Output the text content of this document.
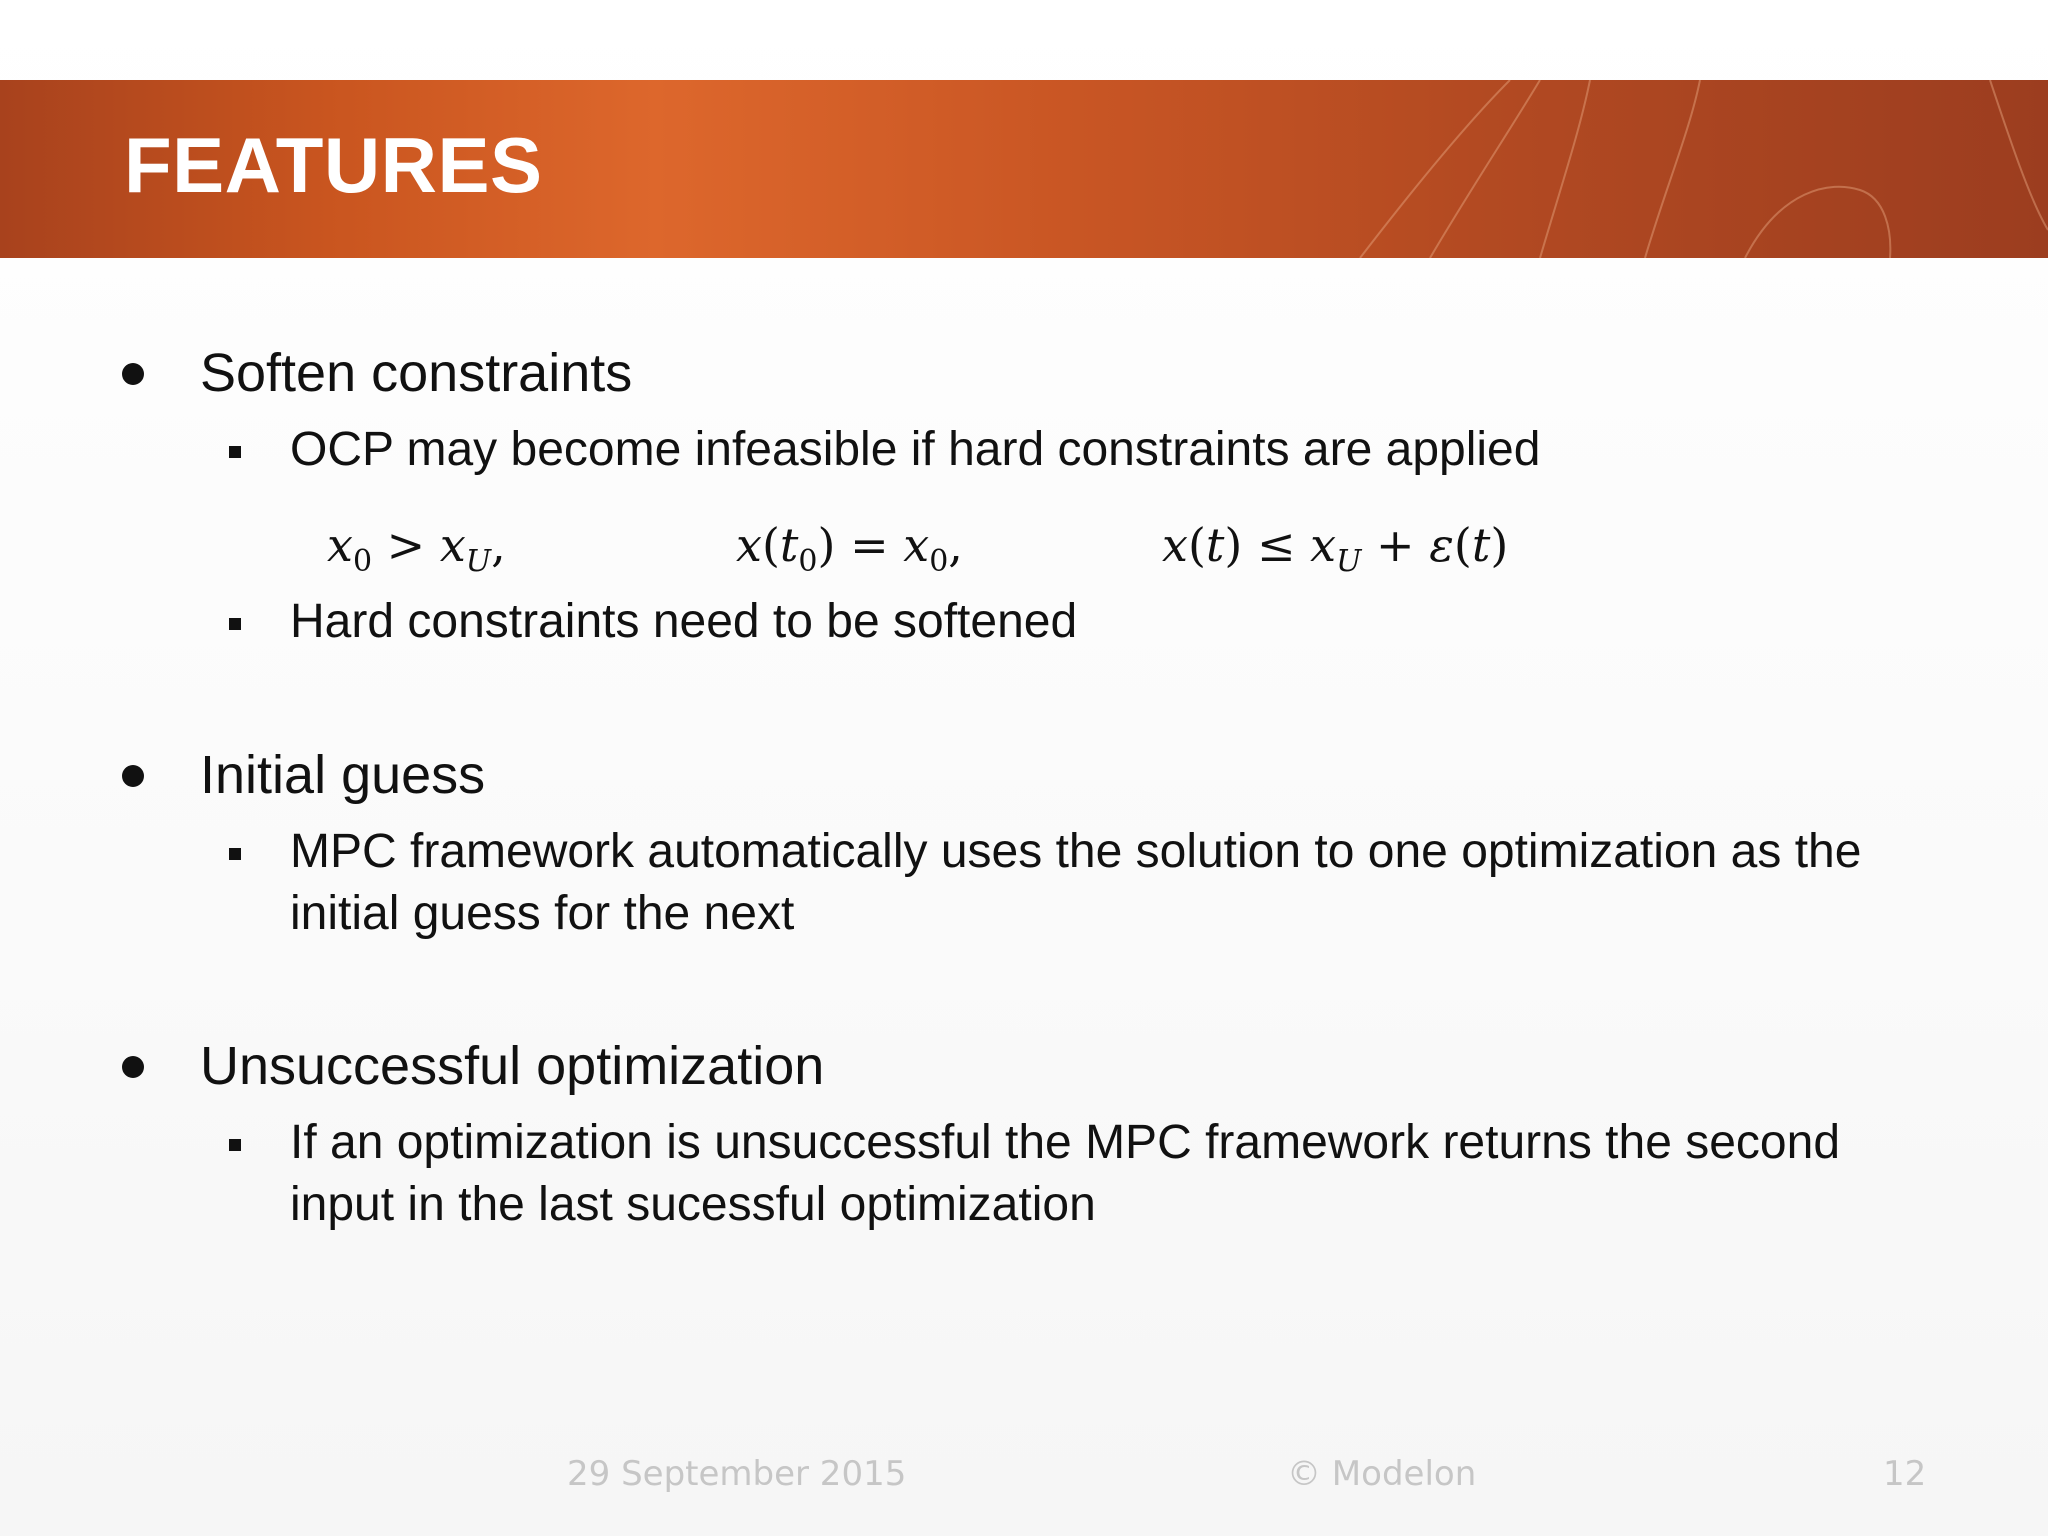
FEATURES
Soften constraints
OCP may become infeasible if hard constraints are applied
$x_0 > x_U$,	$x(t_0) = x_0$,	$x(t) \le x_U + \varepsilon(t)$
Hard constraints need to be softened
Initial guess
MPC framework automatically uses the solution to one optimization as the initial guess for the next
Unsuccessful optimization
If an optimization is unsuccessful the MPC framework returns the second input in the last sucessful optimization
29 September 2015	© Modelon	12
